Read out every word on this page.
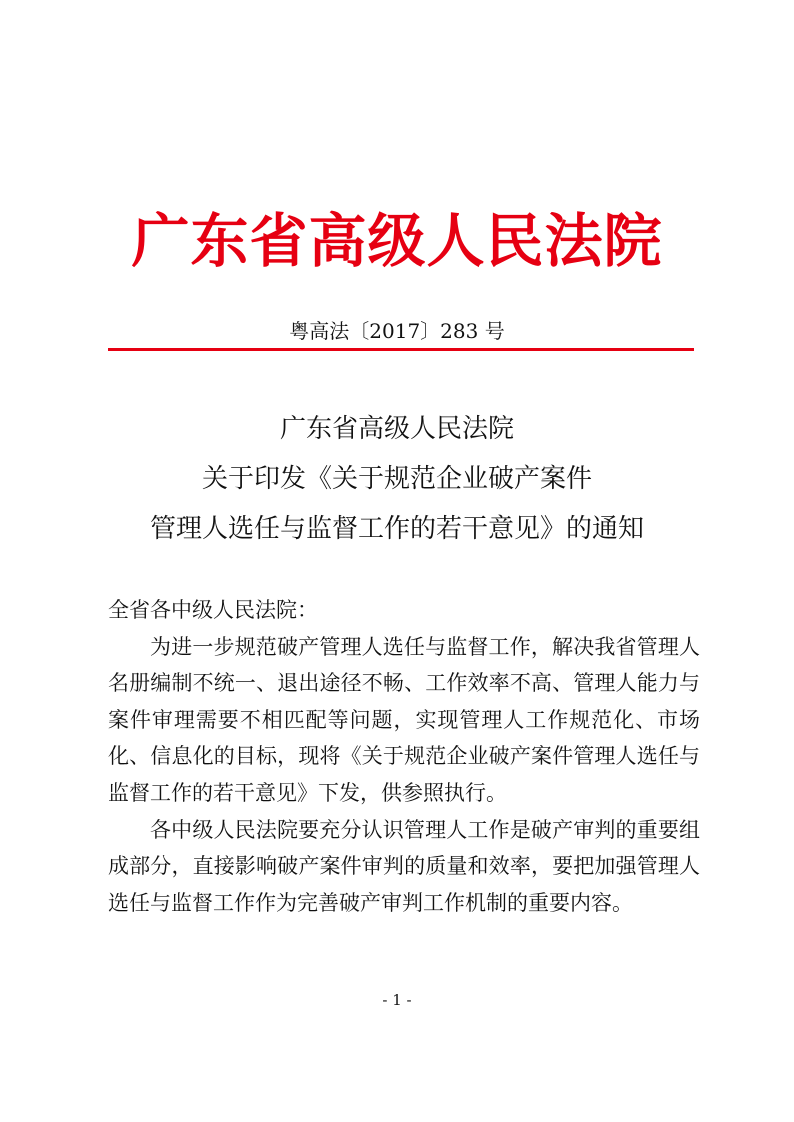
广东省高级人民法院
粤高法〔2017〕283 号
广东省高级人民法院
关于印发《关于规范企业破产案件
管理人选任与监督工作的若干意见》的通知

全省各中级人民法院：

为进一步规范破产管理人选任与监督工作，解决我省管理人名册编制不统一、退出途径不畅、工作效率不高、管理人能力与案件审理需要不相匹配等问题，实现管理人工作规范化、市场化、信息化的目标，现将《关于规范企业破产案件管理人选任与监督工作的若干意见》下发，供参照执行。

各中级人民法院要充分认识管理人工作是破产审判的重要组成部分，直接影响破产案件审判的质量和效率，要把加强管理人选任与监督工作作为完善破产审判工作机制的重要内容。

- 1 -
